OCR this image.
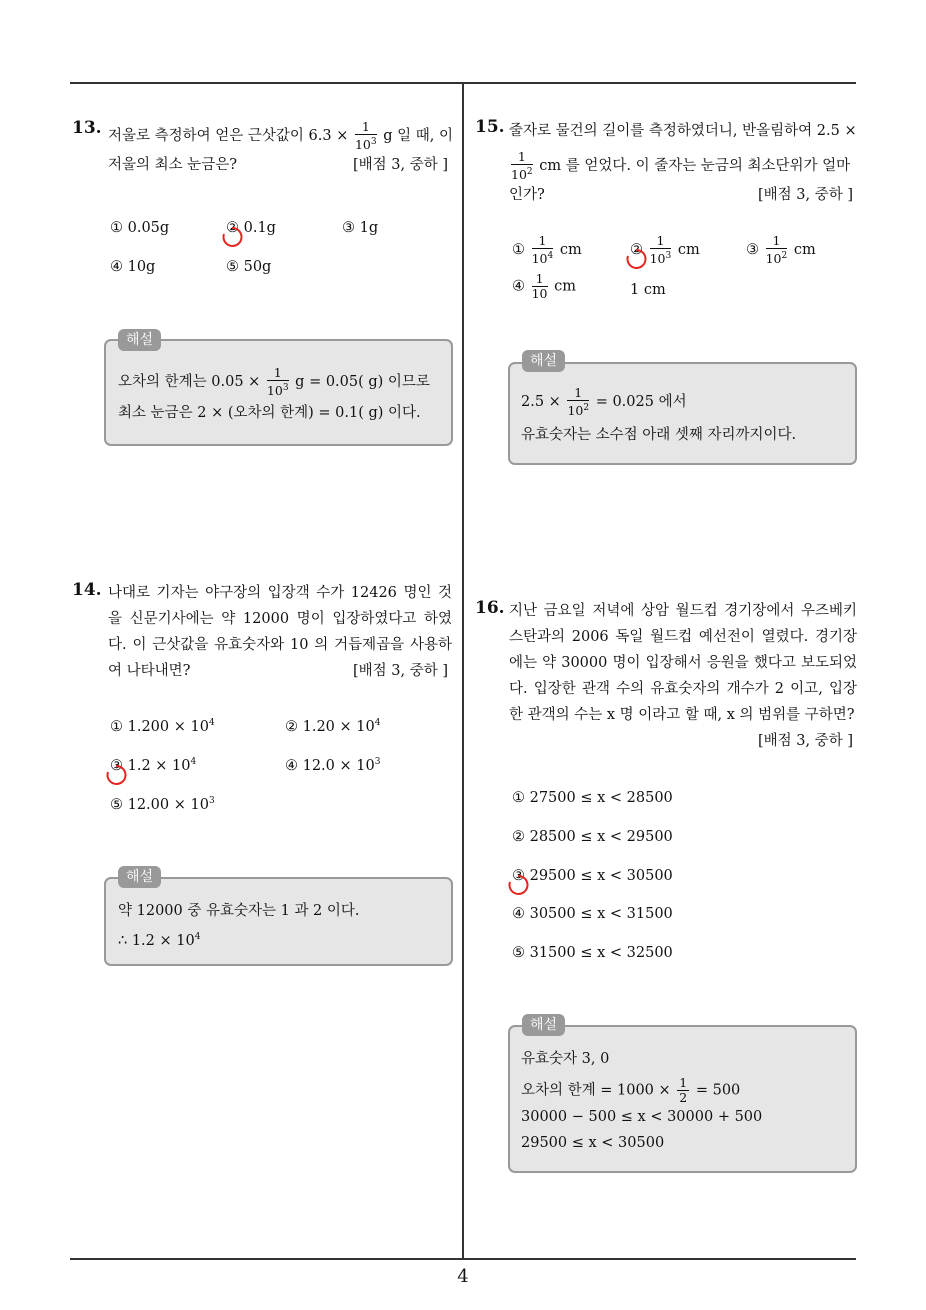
13. 저울로 측정하여 얻은 근삿값이 $6.3 \times \frac{1}{10^3}$ g 일 때, 이
저울의 최소 눈금은?	[배점 3, 중하 ]
① 0.05g	② 0.1g	③ 1g
④ 10g	⑤ 50g
해설
오차의 한계는 $0.05 \times \frac{1}{10^3}$ g = 0.05( g) 이므로
최소 눈금은 2 × (오차의 한계) = 0.1( g) 이다.
14. 나대로 기자는 야구장의 입장객 수가 12426 명인 것을 신문기사에는 약 12000 명이 입장하였다고 하였다. 이 근삿값을 유효숫자와 10 의 거듭제곱을 사용하여 나타내면?	[배점 3, 중하 ]
① $1.200 \times 10^4$	② $1.20 \times 10^4$
③ $1.2 \times 10^4$	④ $12.0 \times 10^3$
⑤ $12.00 \times 10^3$
해설
약 12000 중 유효숫자는 1 과 2 이다.
∴ $1.2 \times 10^4$
15. 줄자로 물건의 길이를 측정하였더니, 반올림하여 2.5 ×
$\frac{1}{10^2}$ cm 를 얻었다. 이 줄자는 눈금의 최소단위가 얼마
인가?	[배점 3, 중하 ]
① $\frac{1}{10^4}$ cm	② $\frac{1}{10^3}$ cm	③ $\frac{1}{10^2}$ cm
④ $\frac{1}{10}$ cm	1 cm
해설
$2.5 \times \frac{1}{10^2} = 0.025$ 에서
유효숫자는 소수점 아래 셋째 자리까지이다.
16. 지난 금요일 저녁에 상암 월드컵 경기장에서 우즈베키스탄과의 2006 독일 월드컵 예선전이 열렸다. 경기장에는 약 30000 명이 입장해서 응원을 했다고 보도되었다. 입장한 관객 수의 유효숫자의 개수가 2 이고, 입장한 관객의 수는 x 명 이라고 할 때, x 의 범위를 구하면?
[배점 3, 중하 ]
① 27500 ≤ x < 28500
② 28500 ≤ x < 29500
③ 29500 ≤ x < 30500
④ 30500 ≤ x < 31500
⑤ 31500 ≤ x < 32500
해설
유효숫자 3, 0
오차의 한계 = $1000 \times \frac{1}{2} = 500$
30000 − 500 ≤ x < 30000 + 500
29500 ≤ x < 30500
4
